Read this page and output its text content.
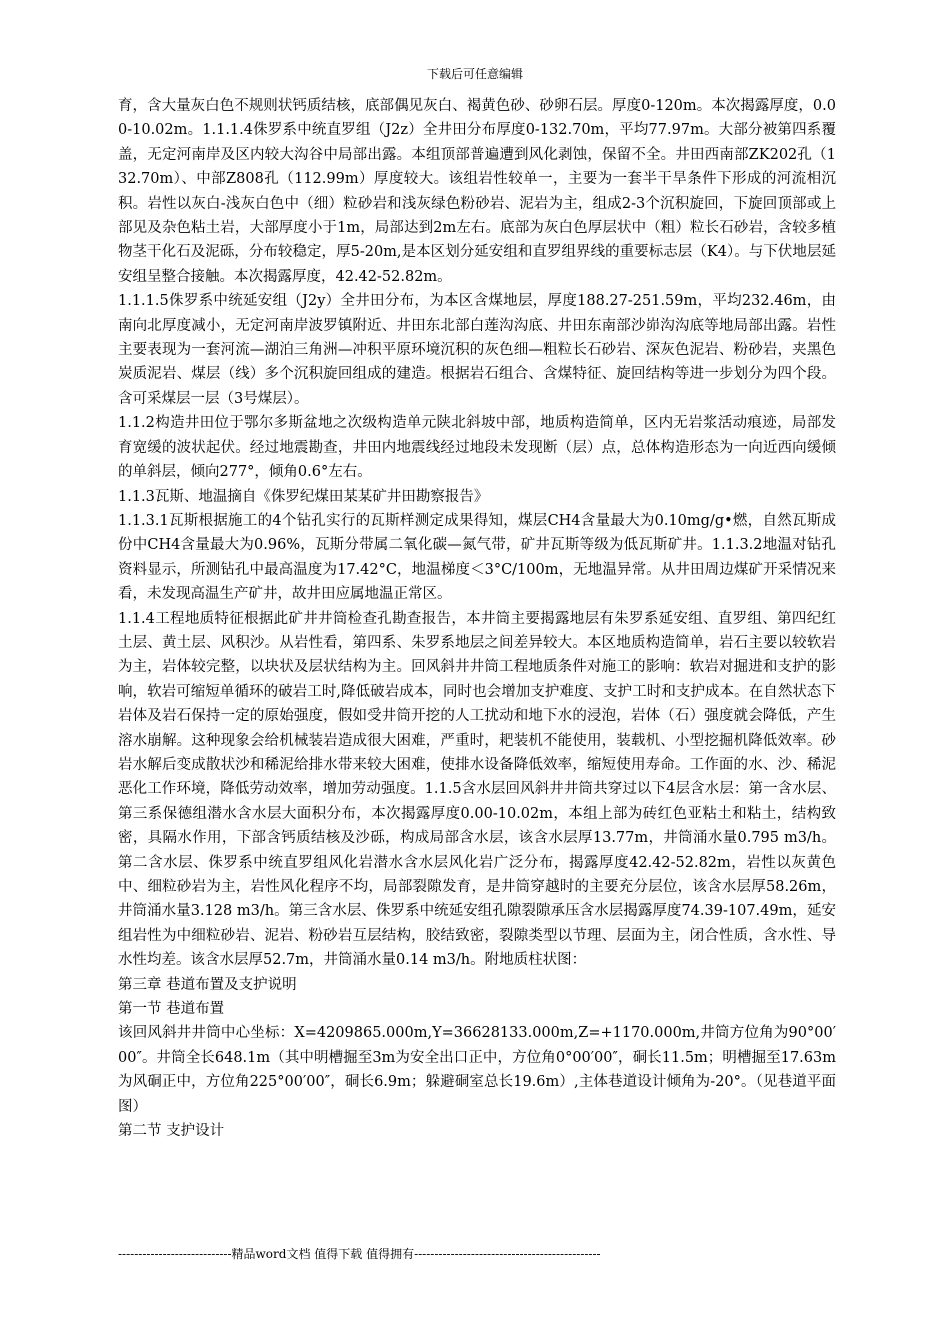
下载后可任意编辑

育，含大量灰白色不规则状钙质结核，底部偶见灰白、褐黄色砂、砂卵石层。厚度0-120m。本次揭露厚度，0.00-10.02m。1.1.1.4侏罗系中统直罗组（J2z）全井田分布厚度0-132.70m，平均77.97m。大部分被第四系覆盖，无定河南岸及区内较大沟谷中局部出露。本组顶部普遍遭到风化剥蚀，保留不全。井田西南部ZK202孔（132.70m）、中部Z808孔（112.99m）厚度较大。该组岩性较单一，主要为一套半干旱条件下形成的河流相沉积。岩性以灰白-浅灰白色中（细）粒砂岩和浅灰绿色粉砂岩、泥岩为主，组成2-3个沉积旋回，下旋回顶部或上部见及杂色粘土岩，大部厚度小于1m，局部达到2m左右。底部为灰白色厚层状中（粗）粒长石砂岩，含较多植物茎干化石及泥砾，分布较稳定，厚5-20m,是本区划分延安组和直罗组界线的重要标志层（K4）。与下伏地层延安组呈整合接触。本次揭露厚度，42.42-52.82m。

1.1.1.5侏罗系中统延安组（J2y）全井田分布，为本区含煤地层，厚度188.27-251.59m，平均232.46m，由南向北厚度减小，无定河南岸波罗镇附近、井田东北部白莲沟沟底、井田东南部沙峁沟沟底等地局部出露。岩性主要表现为一套河流—湖泊三角洲—冲积平原环境沉积的灰色细—粗粒长石砂岩、深灰色泥岩、粉砂岩，夹黑色炭质泥岩、煤层（线）多个沉积旋回组成的建造。根据岩石组合、含煤特征、旋回结构等进一步划分为四个段。含可采煤层一层（3号煤层）。

1.1.2构造井田位于鄂尔多斯盆地之次级构造单元陕北斜坡中部，地质构造简单，区内无岩浆活动痕迹，局部发育宽缓的波状起伏。经过地震勘查，井田内地震线经过地段未发现断（层）点，总体构造形态为一向近西向缓倾的单斜层，倾向277°，倾角0.6°左右。

1.1.3瓦斯、地温摘自《侏罗纪煤田某某矿井田勘察报告》

1.1.3.1瓦斯根据施工的4个钻孔实行的瓦斯样测定成果得知，煤层CH4含量最大为0.10mg/g•燃，自然瓦斯成份中CH4含量最大为0.96%，瓦斯分带属二氧化碳—氮气带，矿井瓦斯等级为低瓦斯矿井。1.1.3.2地温对钻孔资料显示，所测钻孔中最高温度为17.42°C，地温梯度＜3°C/100m，无地温异常。从井田周边煤矿开采情况来看，未发现高温生产矿井，故井田应属地温正常区。

1.1.4工程地质特征根据此矿井井筒检查孔勘查报告，本井筒主要揭露地层有朱罗系延安组、直罗组、第四纪红土层、黄土层、风积沙。从岩性看，第四系、朱罗系地层之间差异较大。本区地质构造简单，岩石主要以较软岩为主，岩体较完整，以块状及层状结构为主。回风斜井井筒工程地质条件对施工的影响：软岩对掘进和支护的影响，软岩可缩短单循环的破岩工时,降低破岩成本，同时也会增加支护难度、支护工时和支护成本。在自然状态下岩体及岩石保持一定的原始强度，假如受井筒开挖的人工扰动和地下水的浸泡，岩体（石）强度就会降低，产生溶水崩解。这种现象会给机械装岩造成很大困难，严重时，耙装机不能使用，装载机、小型挖掘机降低效率。砂岩水解后变成散状沙和稀泥给排水带来较大困难，使排水设备降低效率，缩短使用寿命。工作面的水、沙、稀泥恶化工作环境，降低劳动效率，增加劳动强度。1.1.5含水层回风斜井井筒共穿过以下4层含水层：第一含水层、第三系保德组潜水含水层大面积分布，本次揭露厚度0.00-10.02m，本组上部为砖红色亚粘土和粘土，结构致密，具隔水作用，下部含钙质结核及沙砾，构成局部含水层，该含水层厚13.77m，井筒涌水量0.795 m3/h。第二含水层、侏罗系中统直罗组风化岩潜水含水层风化岩广泛分布，揭露厚度42.42-52.82m，岩性以灰黄色中、细粒砂岩为主，岩性风化程序不均，局部裂隙发育，是井筒穿越时的主要充分层位，该含水层厚58.26m，井筒涌水量3.128 m3/h。第三含水层、侏罗系中统延安组孔隙裂隙承压含水层揭露厚度74.39-107.49m，延安组岩性为中细粒砂岩、泥岩、粉砂岩互层结构，胶结致密，裂隙类型以节理、层面为主，闭合性质，含水性、导水性均差。该含水层厚52.7m，井筒涌水量0.14 m3/h。附地质柱状图：

第三章 巷道布置及支护说明

第一节 巷道布置

该回风斜井井筒中心坐标：X=4209865.000m,Y=36628133.000m,Z=+1170.000m,井筒方位角为90°00′00″。井筒全长648.1m（其中明槽掘至3m为安全出口正中，方位角0°00′00″，硐长11.5m；明槽掘至17.63m为风硐正中，方位角225°00′00″，硐长6.9m；躲避硐室总长19.6m）,主体巷道设计倾角为-20°。（见巷道平面图）

第二节 支护设计

----------------------------精品word文档 值得下载 值得拥有----------------------------------------------
